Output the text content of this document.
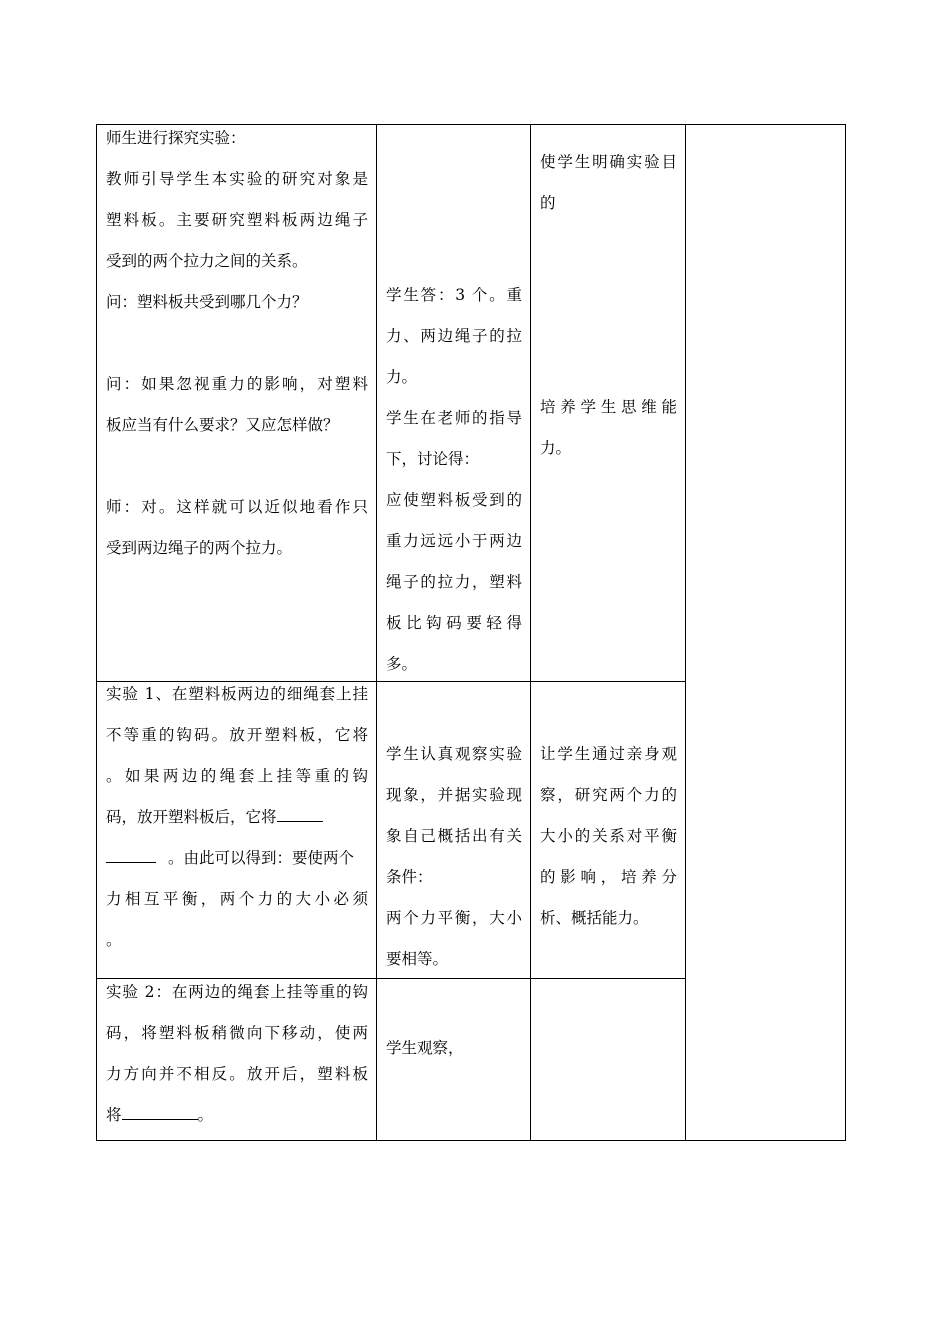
师生进行探究实验：

教师引导学生本实验的研究对象是

塑料板。主要研究塑料板两边绳子

受到的两个拉力之间的关系。

问：塑料板共受到哪几个力？

问：如果忽视重力的影响，对塑料

板应当有什么要求？又应怎样做？

师：对。这样就可以近似地看作只

受到两边绳子的两个拉力。

学生答：3 个。重

力、两边绳子的拉

力。

学生在老师的指导

下，讨论得：

应使塑料板受到的

重力远远小于两边

绳子的拉力，塑料

板比钩码要轻得

多。

使学生明确实验目

的

培养学生思维能

力。

实验 1、在塑料板两边的细绳套上挂

不等重的钩码。放开塑料板，它将

。如果两边的绳套上挂等重的钩

码，放开塑料板后，它将

。由此可以得到：要使两个

力相互平衡，两个力的大小必须

。

学生认真观察实验

现象，并据实验现

象自己概括出有关

条件：

两个力平衡，大小

要相等。

让学生通过亲身观

察，研究两个力的

大小的关系对平衡

的影响，培养分

析、概括能力。

实验 2：在两边的绳套上挂等重的钩

码，将塑料板稍微向下移动，使两

力方向并不相反。放开后，塑料板

将	。

学生观察，
